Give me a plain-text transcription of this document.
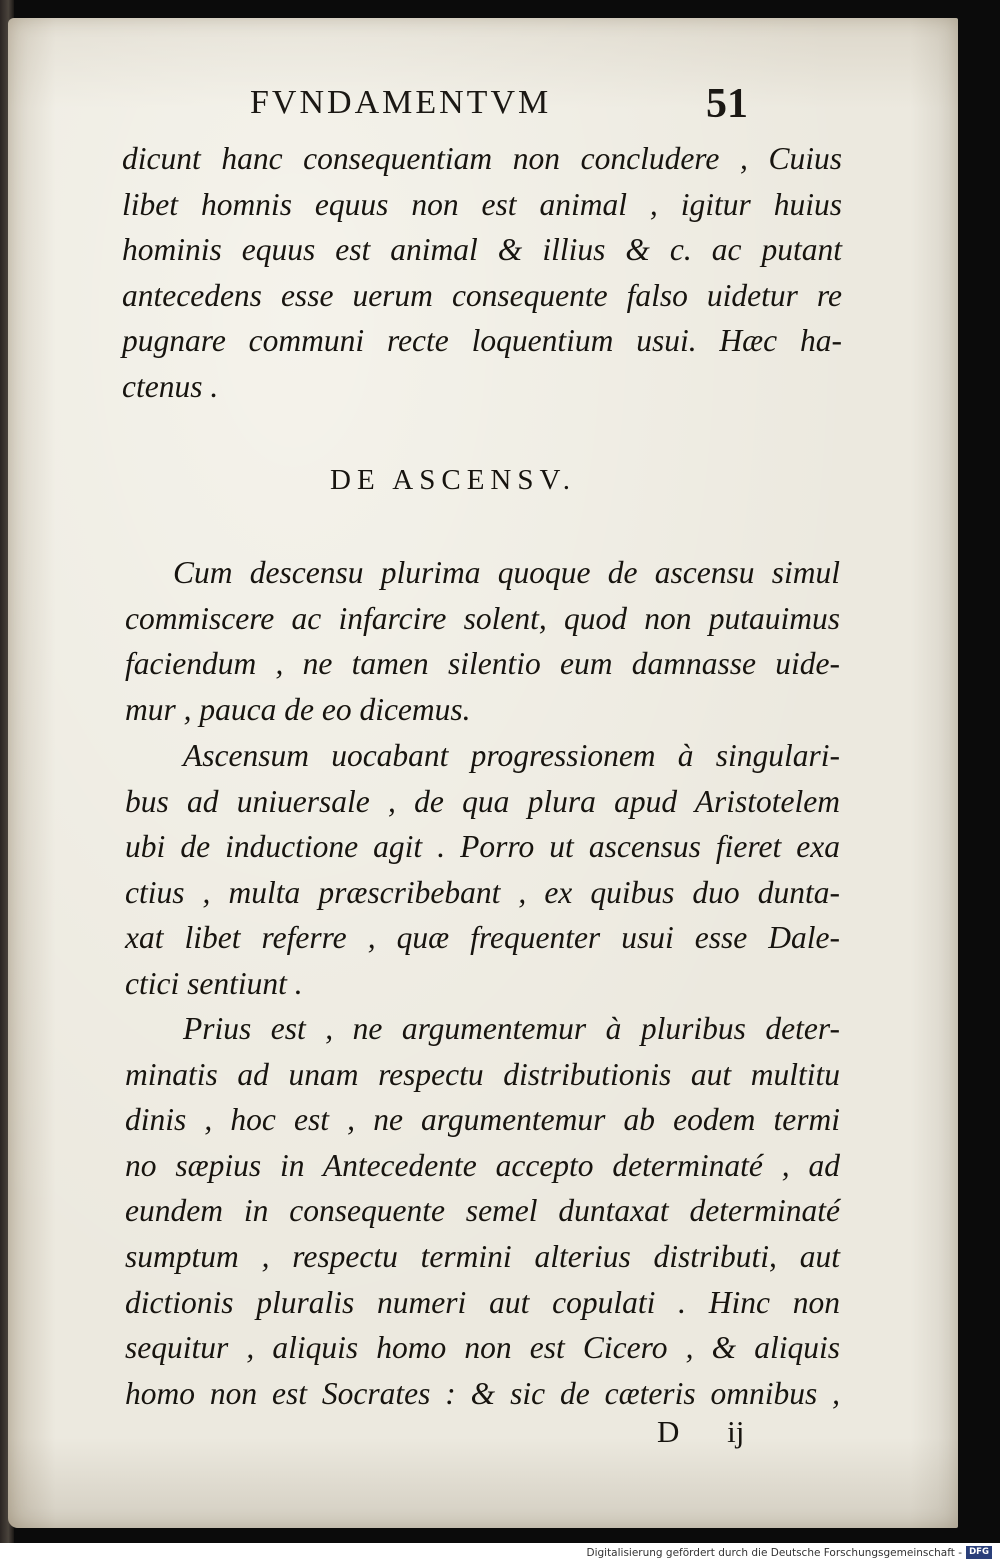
FVNDAMENTVM	51
dicunt hanc consequentiam non concludere , Cuius
libet homnis equus non est animal , igitur huius
hominis equus est animal & illius & c. ac putant
antecedens esse uerum consequente falso uidetur re
pugnare communi recte loquentium usui. Hæc ha-
ctenus .
DE ASCENSV.
Cum descensu plurima quoque de ascensu simul
commiscere ac infarcire solent, quod non putauimus
faciendum , ne tamen silentio eum damnasse uide-
mur , pauca de eo dicemus.
Ascensum uocabant progressionem à singulari-
bus ad uniuersale , de qua plura apud Aristotelem
ubi de inductione agit . Porro ut ascensus fieret exa
ctius , multa præscribebant , ex quibus duo dunta-
xat libet referre , quæ frequenter usui esse Dale-
ctici sentiunt .
Prius est , ne argumentemur à pluribus deter-
minatis ad unam respectu distributionis aut multitu
dinis , hoc est , ne argumentemur ab eodem termi
no sæpius in Antecedente accepto determinaté , ad
eundem in consequente semel duntaxat determinaté
sumptum , respectu termini alterius distributi, aut
dictionis pluralis numeri aut copulati . Hinc non
sequitur , aliquis homo non est Cicero , & aliquis
homo non est Socrates : & sic de cæteris omnibus ,
D ij
Digitalisierung gefördert durch die Deutsche Forschungsgemeinschaft - DFG
